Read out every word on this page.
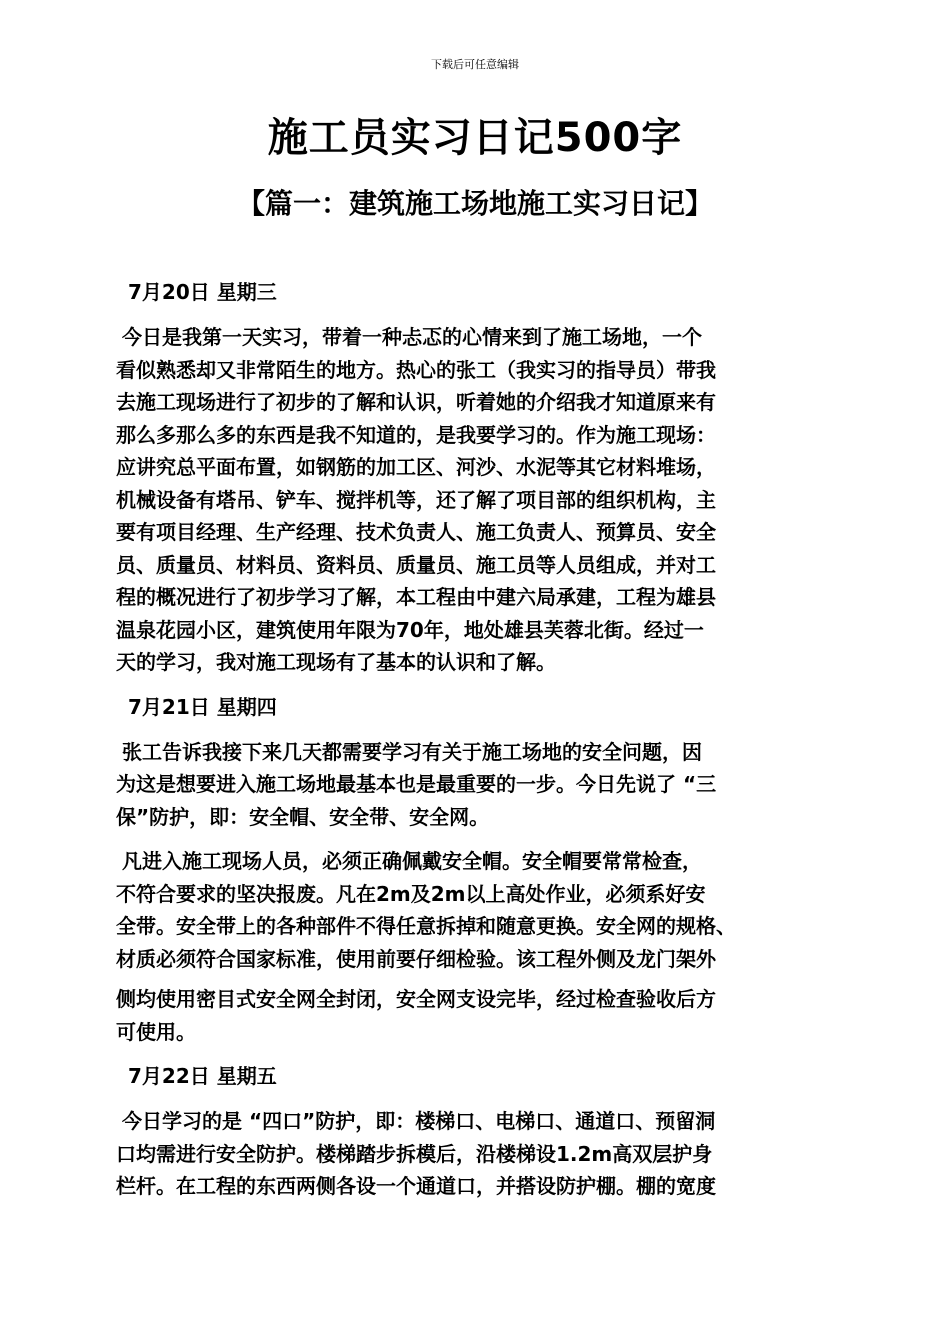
下载后可任意编辑
施工员实习日记500字
【篇一：建筑施工场地施工实习日记】
7月20日 星期三
今日是我第一天实习，带着一种忐忑的心情来到了施工场地，一个
看似熟悉却又非常陌生的地方。热心的张工（我实习的指导员）带我
去施工现场进行了初步的了解和认识，听着她的介绍我才知道原来有
那么多那么多的东西是我不知道的，是我要学习的。作为施工现场：
应讲究总平面布置，如钢筋的加工区、河沙、水泥等其它材料堆场，
机械设备有塔吊、铲车、搅拌机等，还了解了项目部的组织机构，主
要有项目经理、生产经理、技术负责人、施工负责人、预算员、安全
员、质量员、材料员、资料员、质量员、施工员等人员组成，并对工
程的概况进行了初步学习了解，本工程由中建六局承建，工程为雄县
温泉花园小区，建筑使用年限为70年，地处雄县芙蓉北街。经过一
天的学习，我对施工现场有了基本的认识和了解。
7月21日 星期四
张工告诉我接下来几天都需要学习有关于施工场地的安全问题，因
为这是想要进入施工场地最基本也是最重要的一步。今日先说了 “三
保”防护，即：安全帽、安全带、安全网。
凡进入施工现场人员，必须正确佩戴安全帽。安全帽要常常检查，
不符合要求的坚决报废。凡在2m及2m以上高处作业，必须系好安
全带。安全带上的各种部件不得任意拆掉和随意更换。安全网的规格、
材质必须符合国家标准，使用前要仔细检验。该工程外侧及龙门架外
侧均使用密目式安全网全封闭，安全网支设完毕，经过检查验收后方
可使用。
7月22日 星期五
今日学习的是 “四口”防护，即：楼梯口、电梯口、通道口、预留洞
口均需进行安全防护。楼梯踏步拆模后，沿楼梯设1.2m高双层护身
栏杆。在工程的东西两侧各设一个通道口，并搭设防护棚。棚的宽度
